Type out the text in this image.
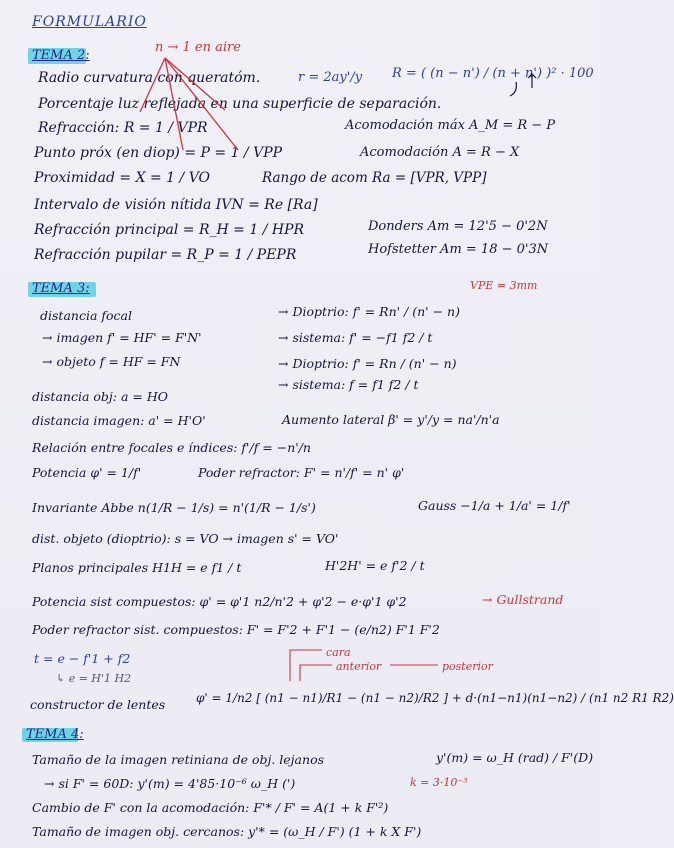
FORMULARIO
TEMA 2:
n → 1 en aire
Radio curvatura con queratóm.	r = 2ay'/y R = ( (n − n') / (n + n') )² · 100
Porcentaje luz reflejada en una superficie de separación.
Refracción: R = 1 / VPR	Acomodación máx A_M = R − P
Punto próx (en diop) = P = 1 / VPP	Acomodación A = R − X
Proximidad = X = 1 / VO	Rango de acom Ra = [VPR, VPP]
Intervalo de visión nítida IVN = Re [Ra]
Refracción principal = R_H = 1 / HPR	Donders Am = 12'5 − 0'2N
Refracción pupilar = R_P = 1 / PEPR	Hofstetter Am = 18 − 0'3N
TEMA 3:	VPE = 3mm
distancia focal
→ imagen f' = HF' = F'N'
→ objeto f = HF = FN
→ Dioptrio: f' = Rn' / (n' − n)
→ sistema: f' = −f1 f2 / t
→ Dioptrio: f' = Rn / (n' − n)
→ sistema: f = f1 f2 / t
distancia obj: a = HO
distancia imagen: a' = H'O'	Aumento lateral β' = y'/y = na'/n'a
Relación entre focales e índices: f'/f = −n'/n
Potencia φ' = 1/f'	Poder refractor: F' = n'/f' = n' φ'
Invariante Abbe n(1/R − 1/s) = n'(1/R − 1/s')	Gauss −1/a + 1/a' = 1/f'
dist. objeto (dioptrio): s = VO → imagen s' = VO'
Planos principales H1H = e f1 / t	H'2H' = e f'2 / t
Potencia sist compuestos: φ' = φ'1 n2/n'2 + φ'2 − e·φ'1 φ'2	→ Gullstrand
Poder refractor sist. compuestos: F' = F'2 + F'1 − (e/n2) F'1 F'2
t = e − f'1 + f2
↳ e = H'1 H2
cara
anterior	posterior
constructor de lentes	φ' = 1/n2 [ (n1 − n1)/R1 − (n1 − n2)/R2 ] + d·(n1−n1)(n1−n2) / (n1 n2 R1 R2)
TEMA 4:
Tamaño de la imagen retiniana de obj. lejanos	y'(m) = ω_H (rad) / F'(D)
→ si F' = 60D: y'(m) = 4'85·10⁻⁶ ω_H (')	k = 3·10⁻³
Cambio de F' con la acomodación: F'* / F' = A(1 + k F'²)
Tamaño de imagen obj. cercanos: y'* = (ω_H / F') (1 + k X F')
